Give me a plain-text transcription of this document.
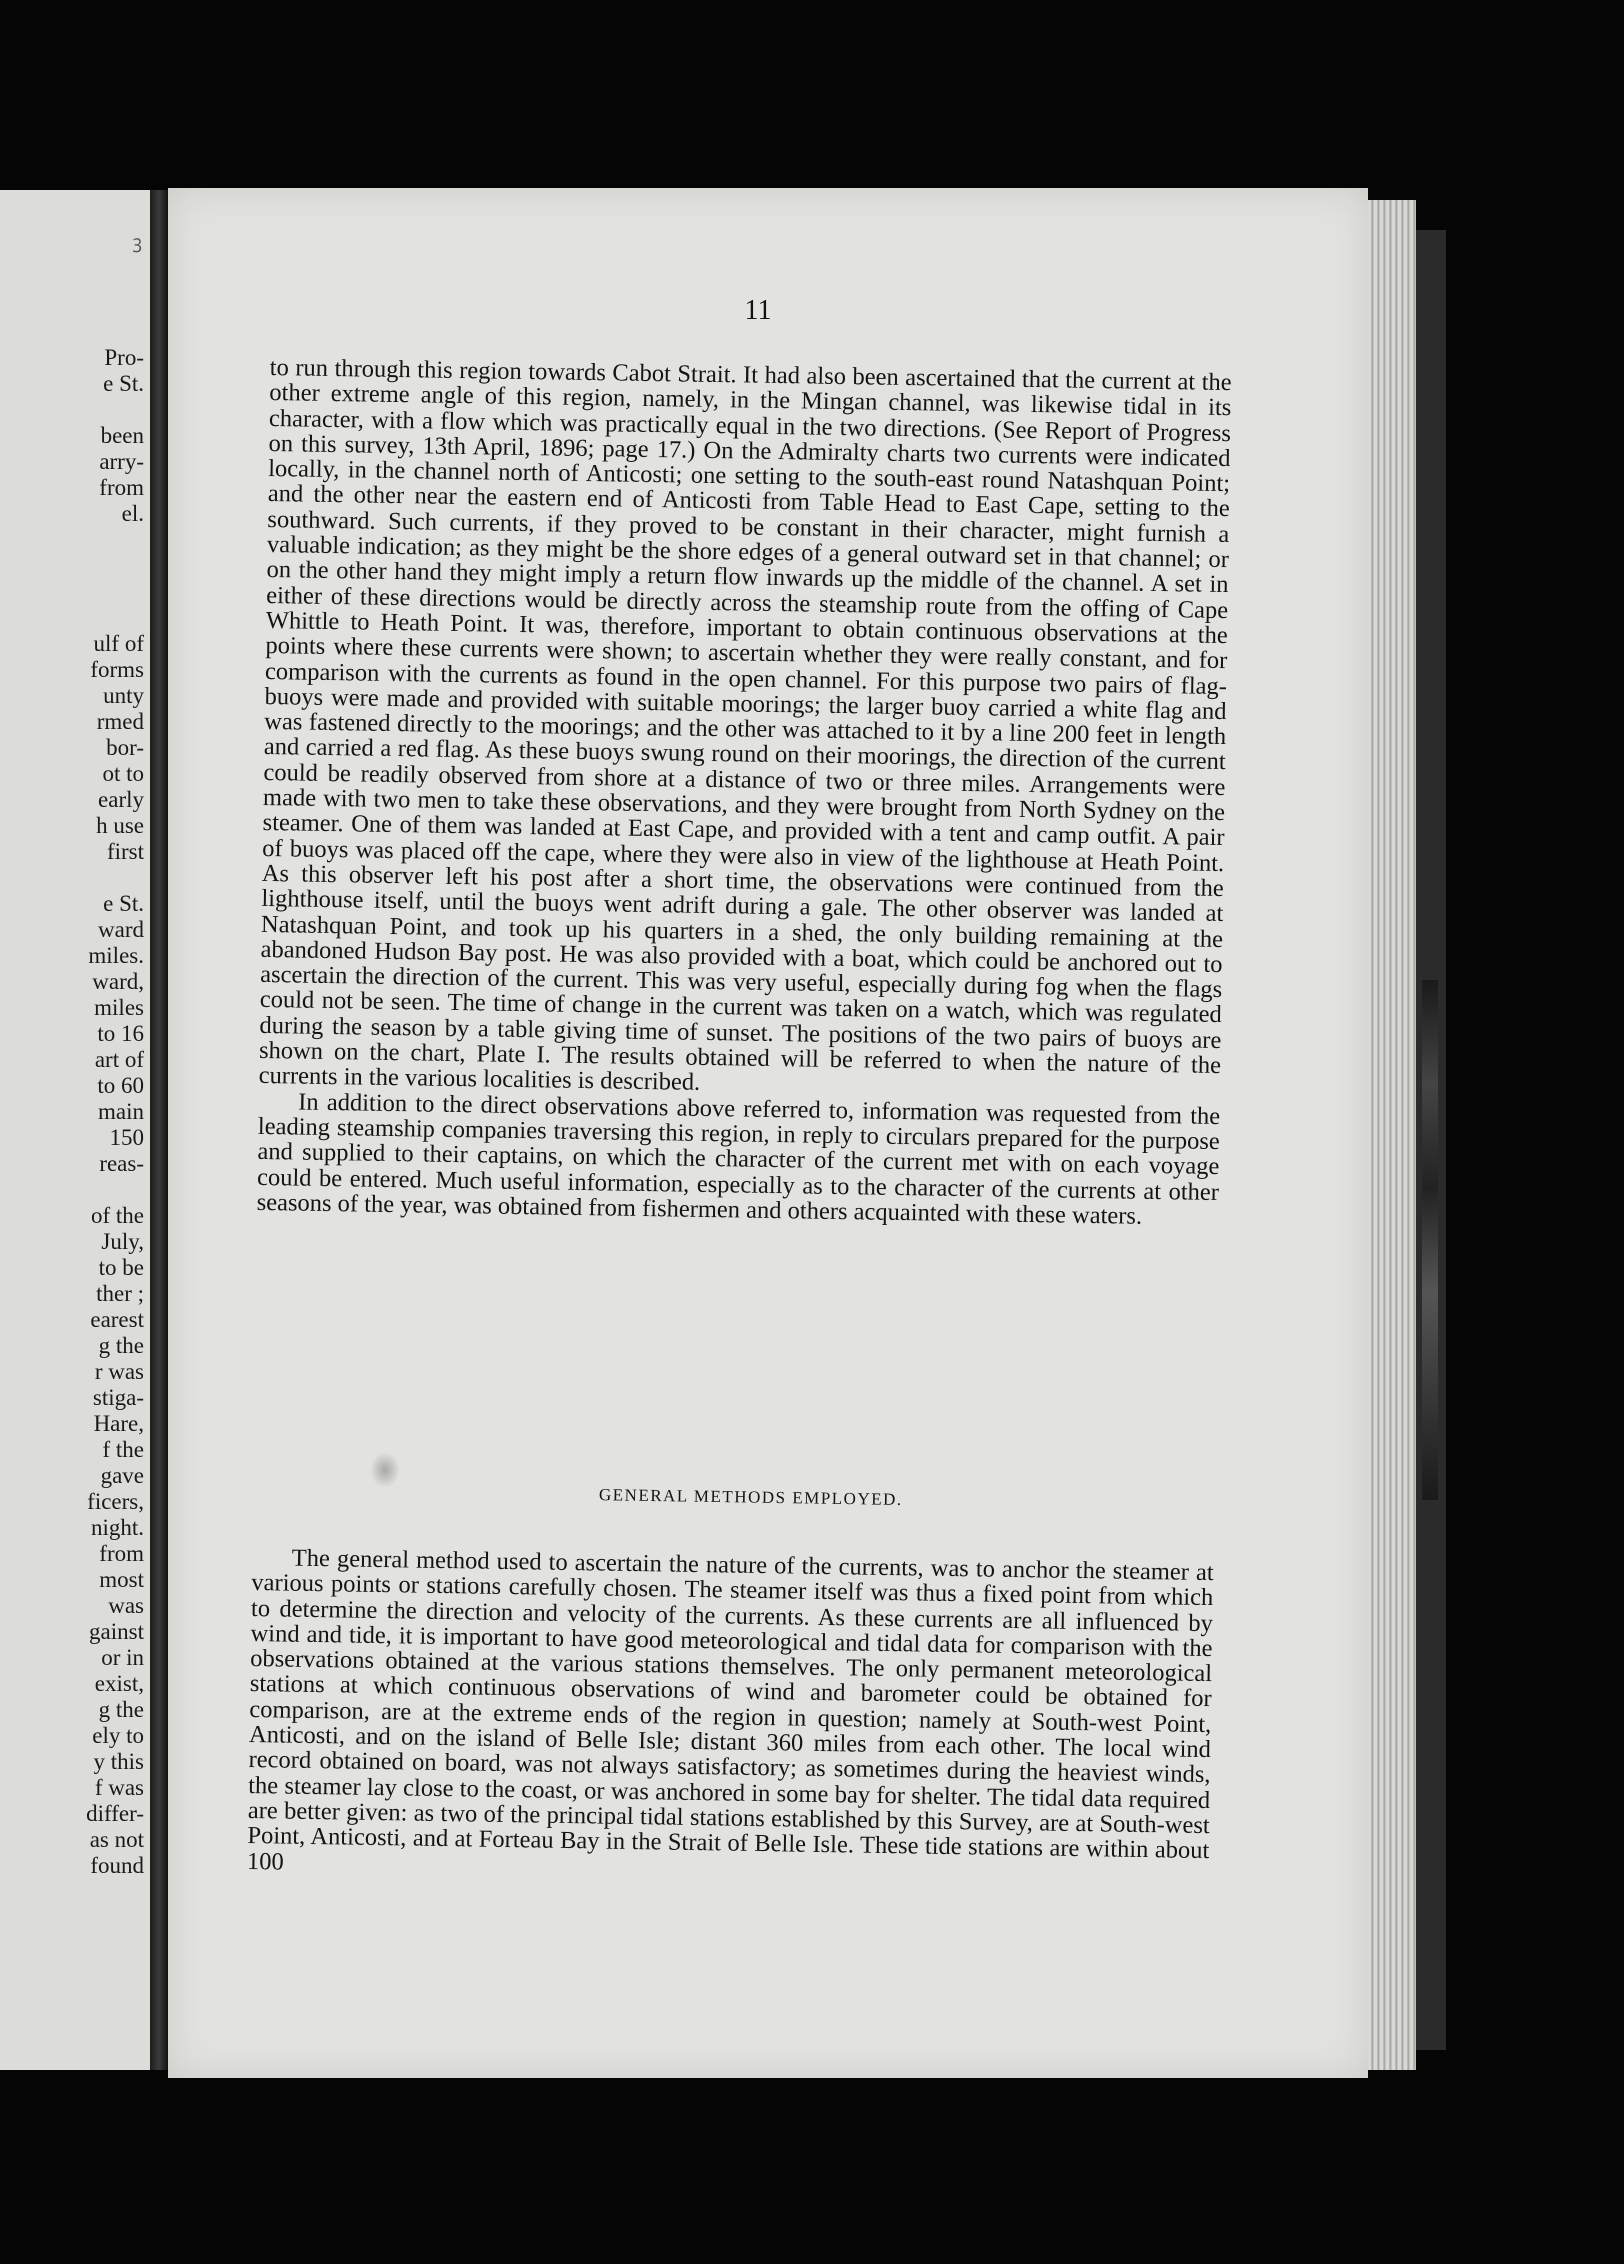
ꝫ
Pro-
e St.
been
arry-
from
el.
ulf of
forms
unty
rmed
bor-
ot to
early
h use
first
e St.
ward
miles.
ward,
miles
to 16
art of
to 60
main
150
reas-
of the
July,
to be
ther ;
earest
g the
r was
stiga-
Hare,
f the
gave
ficers,
night.
from
most
was
gainst
or in
exist,
g the
ely to
y this
f was
differ-
as not
found
11

to run through this region towards Cabot Strait. It had also been ascertained that the current at the other extreme angle of this region, namely, in the Mingan channel, was likewise tidal in its character, with a flow which was practically equal in the two directions. (See Report of Progress on this survey, 13th April, 1896; page 17.) On the Admiralty charts two currents were indicated locally, in the channel north of Anticosti; one setting to the south-east round Natashquan Point; and the other near the eastern end of Anticosti from Table Head to East Cape, setting to the southward. Such currents, if they proved to be constant in their character, might furnish a valuable indication; as they might be the shore edges of a general outward set in that channel; or on the other hand they might imply a return flow inwards up the middle of the channel. A set in either of these directions would be directly across the steamship route from the offing of Cape Whittle to Heath Point. It was, therefore, important to obtain continuous observations at the points where these currents were shown; to ascertain whether they were really constant, and for comparison with the currents as found in the open channel. For this purpose two pairs of flag-buoys were made and provided with suitable moorings; the larger buoy carried a white flag and was fastened directly to the moorings; and the other was attached to it by a line 200 feet in length and carried a red flag. As these buoys swung round on their moorings, the direction of the current could be readily observed from shore at a distance of two or three miles. Arrangements were made with two men to take these observations, and they were brought from North Sydney on the steamer. One of them was landed at East Cape, and provided with a tent and camp outfit. A pair of buoys was placed off the cape, where they were also in view of the lighthouse at Heath Point. As this observer left his post after a short time, the observations were continued from the lighthouse itself, until the buoys went adrift during a gale. The other observer was landed at Natashquan Point, and took up his quarters in a shed, the only building remaining at the abandoned Hudson Bay post. He was also provided with a boat, which could be anchored out to ascertain the direction of the current. This was very useful, especially during fog when the flags could not be seen. The time of change in the current was taken on a watch, which was regulated during the season by a table giving time of sunset. The positions of the two pairs of buoys are shown on the chart, Plate I. The results obtained will be referred to when the nature of the currents in the various localities is described.

In addition to the direct observations above referred to, information was requested from the leading steamship companies traversing this region, in reply to circulars prepared for the purpose and supplied to their captains, on which the character of the current met with on each voyage could be entered. Much useful information, especially as to the character of the currents at other seasons of the year, was obtained from fishermen and others acquainted with these waters.

GENERAL METHODS EMPLOYED.

The general method used to ascertain the nature of the currents, was to anchor the steamer at various points or stations carefully chosen. The steamer itself was thus a fixed point from which to determine the direction and velocity of the currents. As these currents are all influenced by wind and tide, it is important to have good meteorological and tidal data for comparison with the observations obtained at the various stations themselves. The only permanent meteorological stations at which continuous observations of wind and barometer could be obtained for comparison, are at the extreme ends of the region in question; namely at South-west Point, Anticosti, and on the island of Belle Isle; distant 360 miles from each other. The local wind record obtained on board, was not always satisfactory; as sometimes during the heaviest winds, the steamer lay close to the coast, or was anchored in some bay for shelter. The tidal data required are better given: as two of the principal tidal stations established by this Survey, are at South-west Point, Anticosti, and at Forteau Bay in the Strait of Belle Isle. These tide stations are within about 100
